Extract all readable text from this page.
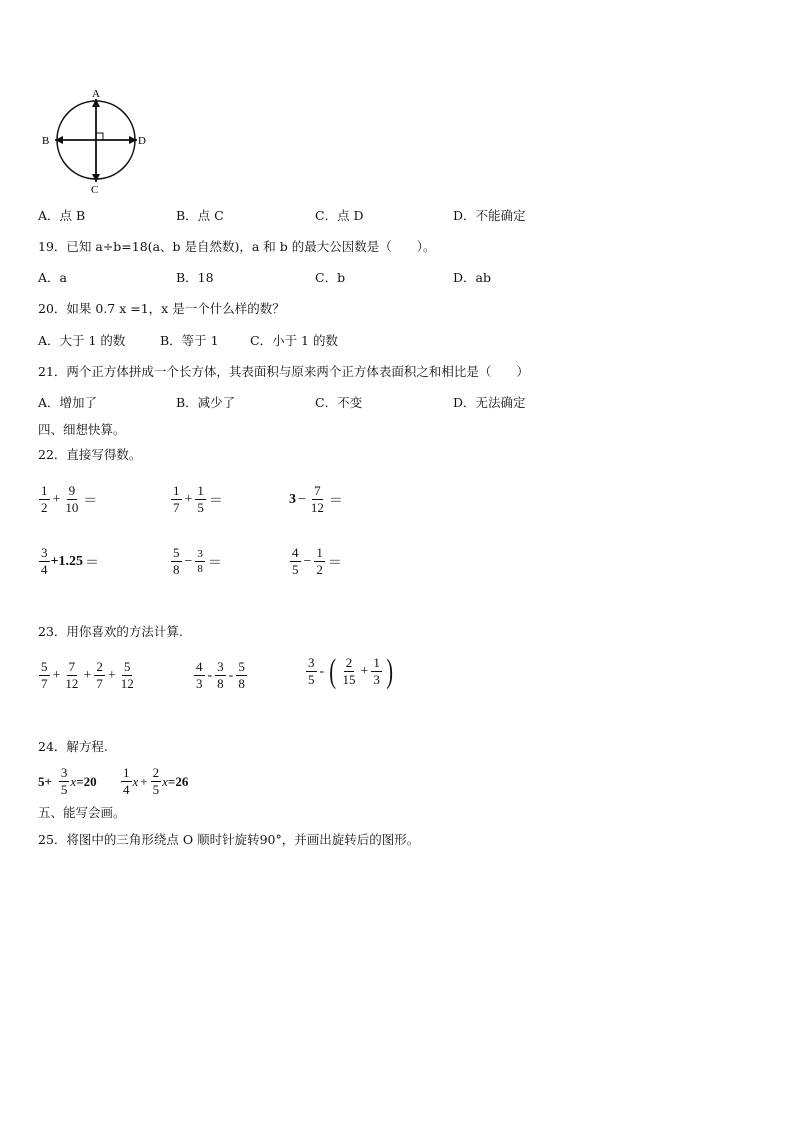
A
B
C
D
A．点 B	B．点 C	C．点 D	D．不能确定
19．已知 a÷b=18(a、b 是自然数)，a 和 b 的最大公因数是（　　）。
A．a	B．18	C．b	D．ab
20．如果 0.7 x =1，x 是一个什么样的数？
A．大于 1 的数	B．等于 1	C．小于 1 的数
21．两个正方体拼成一个长方体，其表面积与原来两个正方体表面积之和相比是（　　）
A．增加了	B．减少了	C．不变	D．无法确定
四、细想快算。
22．直接写得数。
$\frac{1}{2} + \frac{9}{10}$ ＝	$\frac{1}{7} + \frac{1}{5}$ ＝	$3 - \frac{7}{12}$ ＝
$\frac{3}{4} +1.25$ ＝	$\frac{5}{8} - \frac{3}{8}$ ＝	$\frac{4}{5} - \frac{1}{2}$ ＝
23．用你喜欢的方法计算.
$\frac{5}{7} + \frac{7}{12} + \frac{2}{7} + \frac{5}{12}$	$\frac{4}{3} - \frac{3}{8} - \frac{5}{8}$	$\frac{3}{5}$ - ( $\frac{2}{15} + \frac{1}{3}$ )
24．解方程.
$5+ \frac{3}{5}$ $x =20 \frac{1}{4}$ $x + \frac{2}{5}$ x =26
五、能写会画。
25．将图中的三角形绕点 O 顺时针旋转90°，并画出旋转后的图形。
